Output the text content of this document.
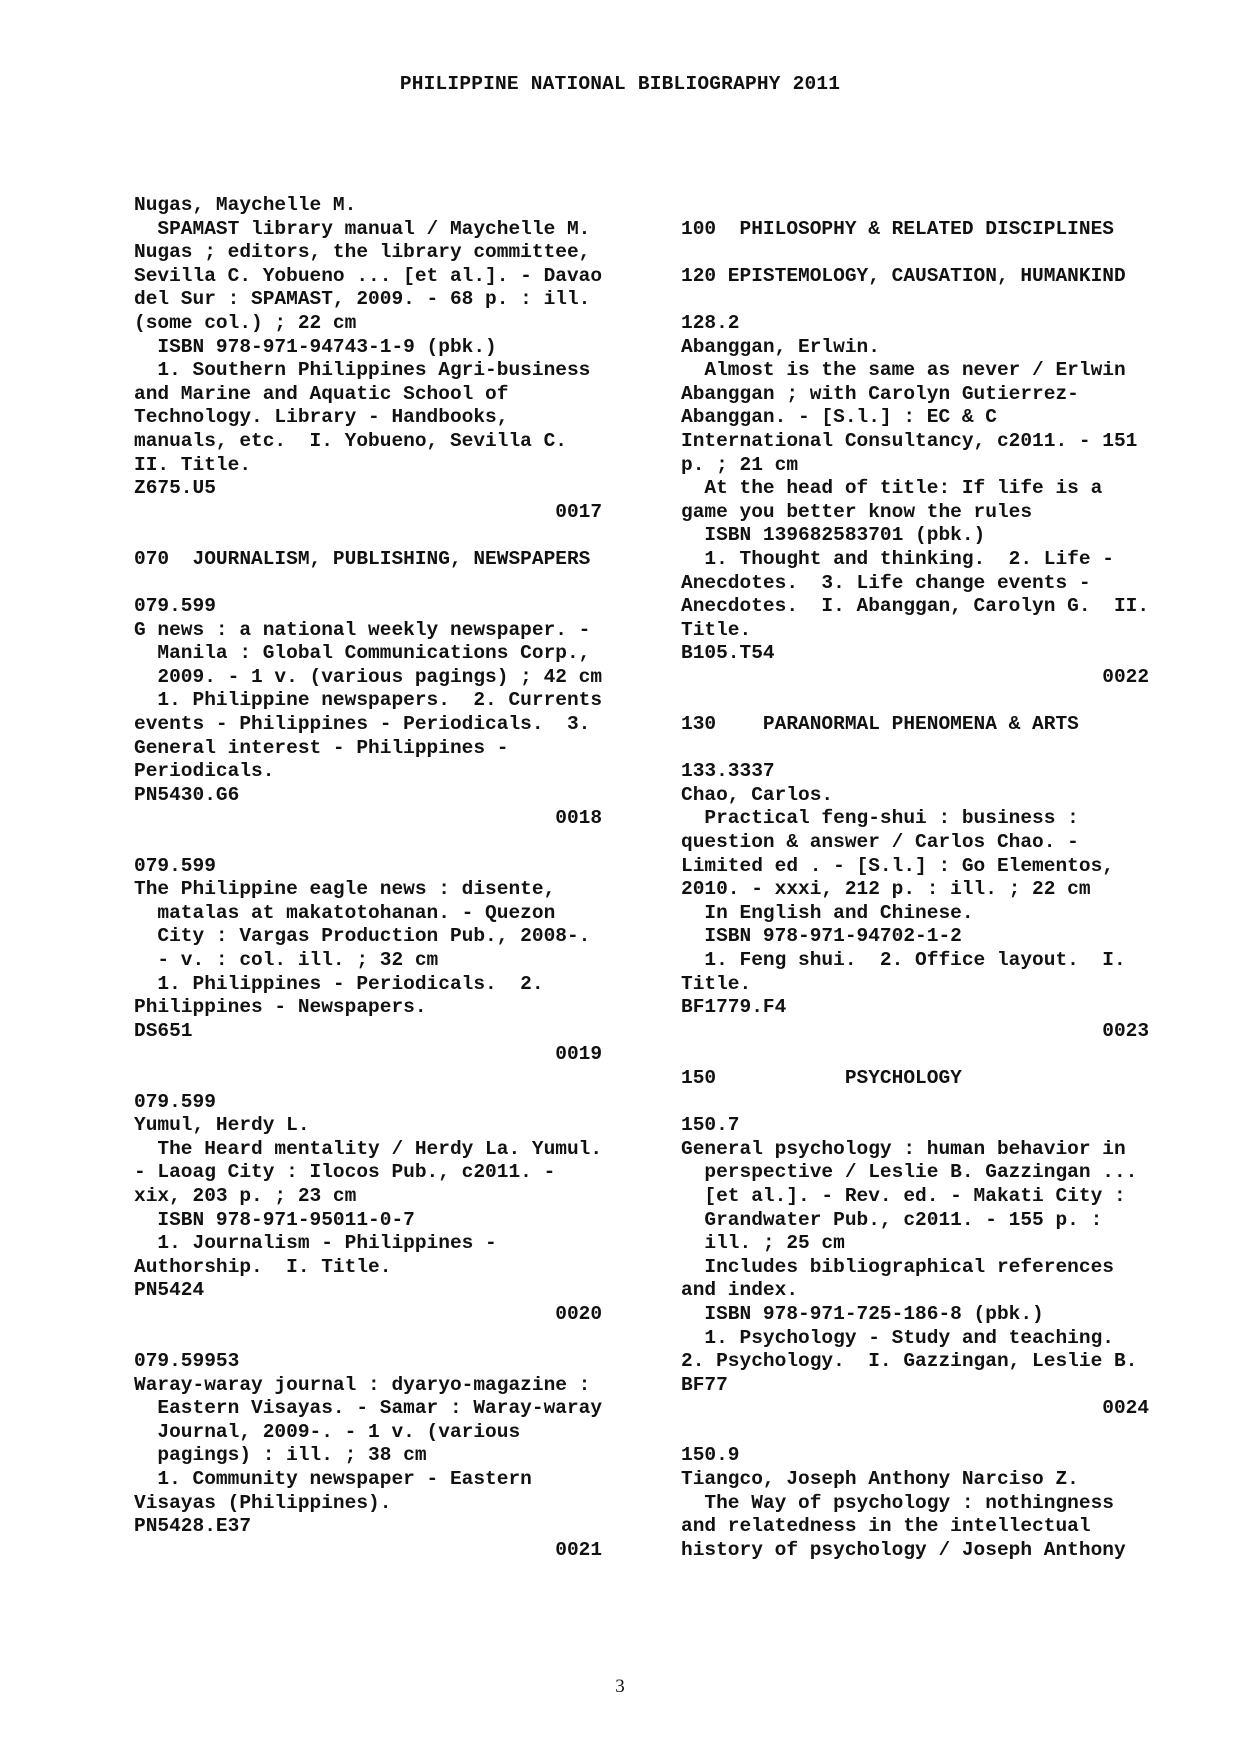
PHILIPPINE NATIONAL BIBLIOGRAPHY 2011
Nugas, Maychelle M.
SPAMAST library manual / Maychelle M.
Nugas ; editors, the library committee,
Sevilla C. Yobueno ... [et al.]. - Davao
del Sur : SPAMAST, 2009. - 68 p. : ill.
(some col.) ; 22 cm
ISBN 978-971-94743-1-9 (pbk.)
1. Southern Philippines Agri-business
and Marine and Aquatic School of
Technology. Library - Handbooks,
manuals, etc.  I. Yobueno, Sevilla C.
II. Title.
Z675.U5
0017
070  JOURNALISM, PUBLISHING, NEWSPAPERS
079.599
G news : a national weekly newspaper. -
Manila : Global Communications Corp.,
2009. - 1 v. (various pagings) ; 42 cm
1. Philippine newspapers.  2. Currents
events - Philippines - Periodicals.  3.
General interest - Philippines -
Periodicals.
PN5430.G6
0018
079.599
The Philippine eagle news : disente,
matalas at makatotohanan. - Quezon
City : Vargas Production Pub., 2008-.
- v. : col. ill. ; 32 cm
1. Philippines - Periodicals.  2.
Philippines - Newspapers.
DS651
0019
079.599
Yumul, Herdy L.
The Heard mentality / Herdy La. Yumul.
- Laoag City : Ilocos Pub., c2011. -
xix, 203 p. ; 23 cm
ISBN 978-971-95011-0-7
1. Journalism - Philippines -
Authorship.  I. Title.
PN5424
0020
079.59953
Waray-waray journal : dyaryo-magazine :
Eastern Visayas. - Samar : Waray-waray
Journal, 2009-. - 1 v. (various
pagings) : ill. ; 38 cm
1. Community newspaper - Eastern
Visayas (Philippines).
PN5428.E37
0021
100  PHILOSOPHY & RELATED DISCIPLINES
120 EPISTEMOLOGY, CAUSATION, HUMANKIND
128.2
Abanggan, Erlwin.
Almost is the same as never / Erlwin
Abanggan ; with Carolyn Gutierrez-
Abanggan. - [S.l.] : EC & C
International Consultancy, c2011. - 151
p. ; 21 cm
At the head of title: If life is a
game you better know the rules
ISBN 139682583701 (pbk.)
1. Thought and thinking.  2. Life -
Anecdotes.  3. Life change events -
Anecdotes.  I. Abanggan, Carolyn G.  II.
Title.
B105.T54
0022
130    PARANORMAL PHENOMENA & ARTS
133.3337
Chao, Carlos.
Practical feng-shui : business :
question & answer / Carlos Chao. -
Limited ed . - [S.l.] : Go Elementos,
2010. - xxxi, 212 p. : ill. ; 22 cm
In English and Chinese.
ISBN 978-971-94702-1-2
1. Feng shui.  2. Office layout.  I.
Title.
BF1779.F4
0023
150           PSYCHOLOGY
150.7
General psychology : human behavior in
perspective / Leslie B. Gazzingan ...
[et al.]. - Rev. ed. - Makati City :
Grandwater Pub., c2011. - 155 p. :
ill. ; 25 cm
Includes bibliographical references
and index.
ISBN 978-971-725-186-8 (pbk.)
1. Psychology - Study and teaching.
2. Psychology.  I. Gazzingan, Leslie B.
BF77
0024
150.9
Tiangco, Joseph Anthony Narciso Z.
The Way of psychology : nothingness
and relatedness in the intellectual
history of psychology / Joseph Anthony
3
